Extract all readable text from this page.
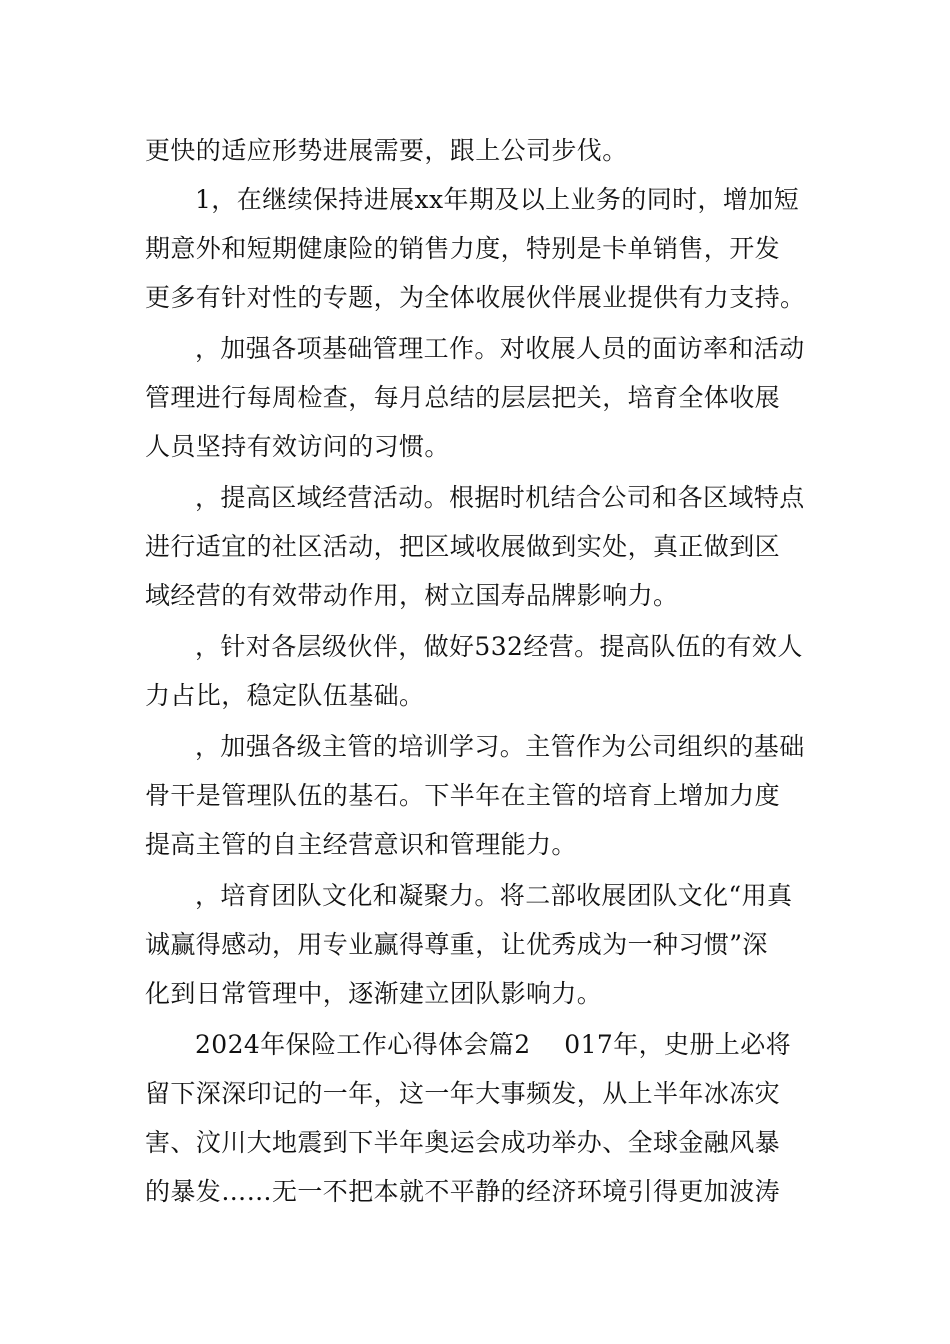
更快的适应形势进展需要，跟上公司步伐。
1，在继续保持进展xx年期及以上业务的同时，增加短
期意外和短期健康险的销售力度，特别是卡单销售，开发
更多有针对性的专题，为全体收展伙伴展业提供有力支持。
，加强各项基础管理工作。对收展人员的面访率和活动
管理进行每周检查，每月总结的层层把关，培育全体收展
人员坚持有效访问的习惯。
，提高区域经营活动。根据时机结合公司和各区域特点
进行适宜的社区活动，把区域收展做到实处，真正做到区
域经营的有效带动作用，树立国寿品牌影响力。
，针对各层级伙伴，做好532经营。提高队伍的有效人
力占比，稳定队伍基础。
，加强各级主管的培训学习。主管作为公司组织的基础
骨干是管理队伍的基石。下半年在主管的培育上增加力度
提高主管的自主经营意识和管理能力。
，培育团队文化和凝聚力。将二部收展团队文化“用真
诚赢得感动，用专业赢得尊重，让优秀成为一种习惯”深
化到日常管理中，逐渐建立团队影响力。
2024年保险工作心得体会篇2　 017年，史册上必将
留下深深印记的一年，这一年大事频发，从上半年冰冻灾
害、汶川大地震到下半年奥运会成功举办、全球金融风暴
的暴发……无一不把本就不平静的经济环境引得更加波涛
